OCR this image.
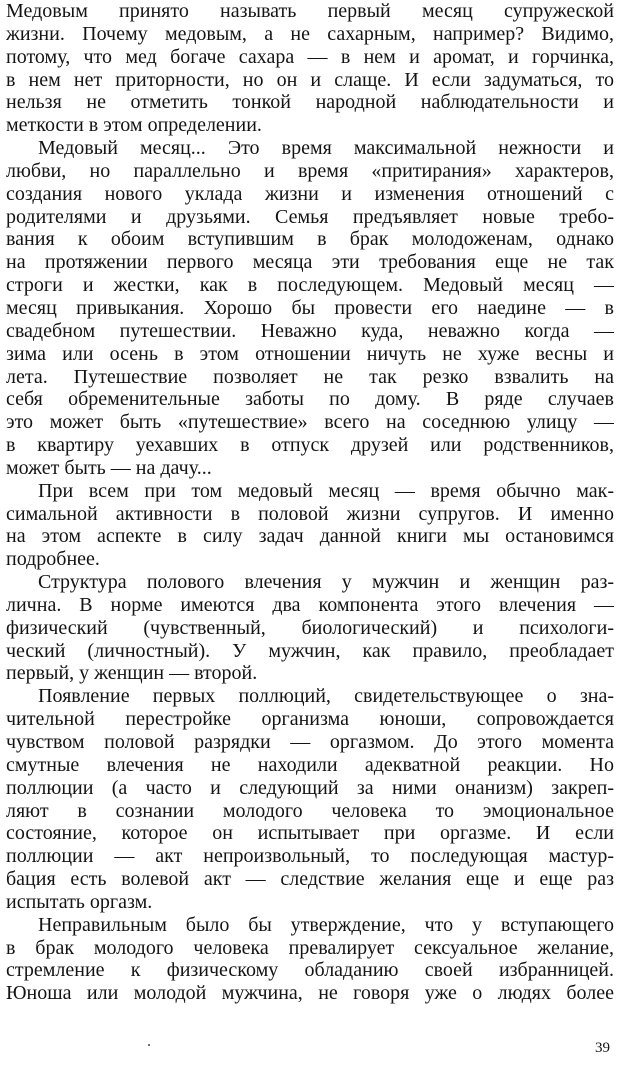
Медовым принято называть первый месяц супружеской
жизни. Почему медовым, а не сахарным, например? Видимо,
потому, что мед богаче сахара — в нем и аромат, и горчинка,
в нем нет приторности, но он и слаще. И если задуматься, то
нельзя не отметить тонкой народной наблюдательности и
меткости в этом определении.
Медовый месяц... Это время максимальной нежности и
любви, но параллельно и время «притирания» характеров,
создания нового уклада жизни и изменения отношений с
родителями и друзьями. Семья предъявляет новые требо-
вания к обоим вступившим в брак молодоженам, однако
на протяжении первого месяца эти требования еще не так
строги и жестки, как в последующем. Медовый месяц —
месяц привыкания. Хорошо бы провести его наедине — в
свадебном путешествии. Неважно куда, неважно когда —
зима или осень в этом отношении ничуть не хуже весны и
лета. Путешествие позволяет не так резко взвалить на
себя обременительные заботы по дому. В ряде случаев
это может быть «путешествие» всего на соседнюю улицу —
в квартиру уехавших в отпуск друзей или родственников,
может быть — на дачу...
При всем при том медовый месяц — время обычно мак-
симальной активности в половой жизни супругов. И именно
на этом аспекте в силу задач данной книги мы остановимся
подробнее.
Структура полового влечения у мужчин и женщин раз-
лична. В норме имеются два компонента этого влечения —
физический (чувственный, биологический) и психологи-
ческий (личностный). У мужчин, как правило, преобладает
первый, у женщин — второй.
Появление первых поллюций, свидетельствующее о зна-
чительной перестройке организма юноши, сопровождается
чувством половой разрядки — оргазмом. До этого момента
смутные влечения не находили адекватной реакции. Но
поллюции (а часто и следующий за ними онанизм) закреп-
ляют в сознании молодого человека то эмоциональное
состояние, которое он испытывает при оргазме. И если
поллюции — акт непроизвольный, то последующая мастур-
бация есть волевой акт — следствие желания еще и еще раз
испытать оргазм.
Неправильным было бы утверждение, что у вступающего
в брак молодого человека превалирует сексуальное желание,
стремление к физическому обладанию своей избранницей.
Юноша или молодой мужчина, не говоря уже о людях более
39
